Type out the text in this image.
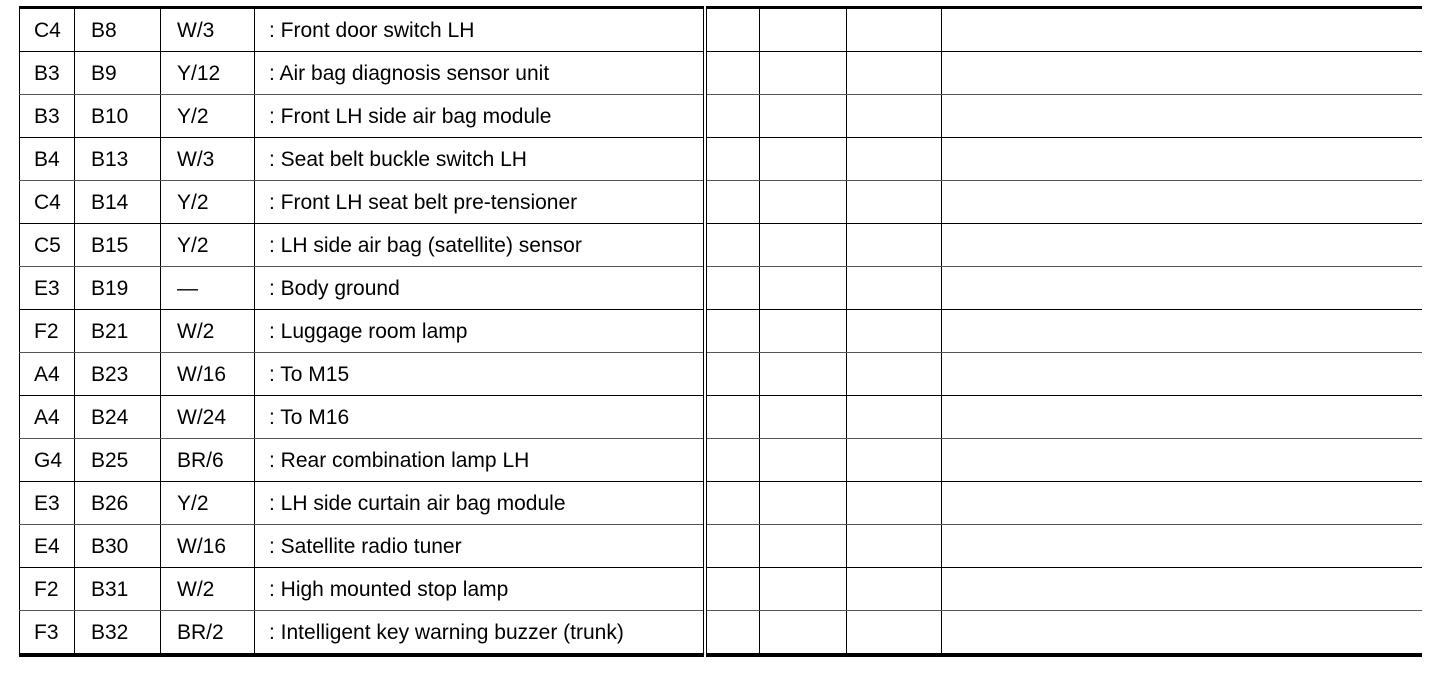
C4	B8	W/3	: Front door switch LH				
B3	B9	Y/12	: Air bag diagnosis sensor unit				
B3	B10	Y/2	: Front LH side air bag module				
B4	B13	W/3	: Seat belt buckle switch LH				
C4	B14	Y/2	: Front LH seat belt pre-tensioner				
C5	B15	Y/2	: LH side air bag (satellite) sensor				
E3	B19	—	: Body ground				
F2	B21	W/2	: Luggage room lamp				
A4	B23	W/16	: To M15				
A4	B24	W/24	: To M16				
G4	B25	BR/6	: Rear combination lamp LH				
E3	B26	Y/2	: LH side curtain air bag module				
E4	B30	W/16	: Satellite radio tuner				
F2	B31	W/2	: High mounted stop lamp				
F3	B32	BR/2	: Intelligent key warning buzzer (trunk)				
